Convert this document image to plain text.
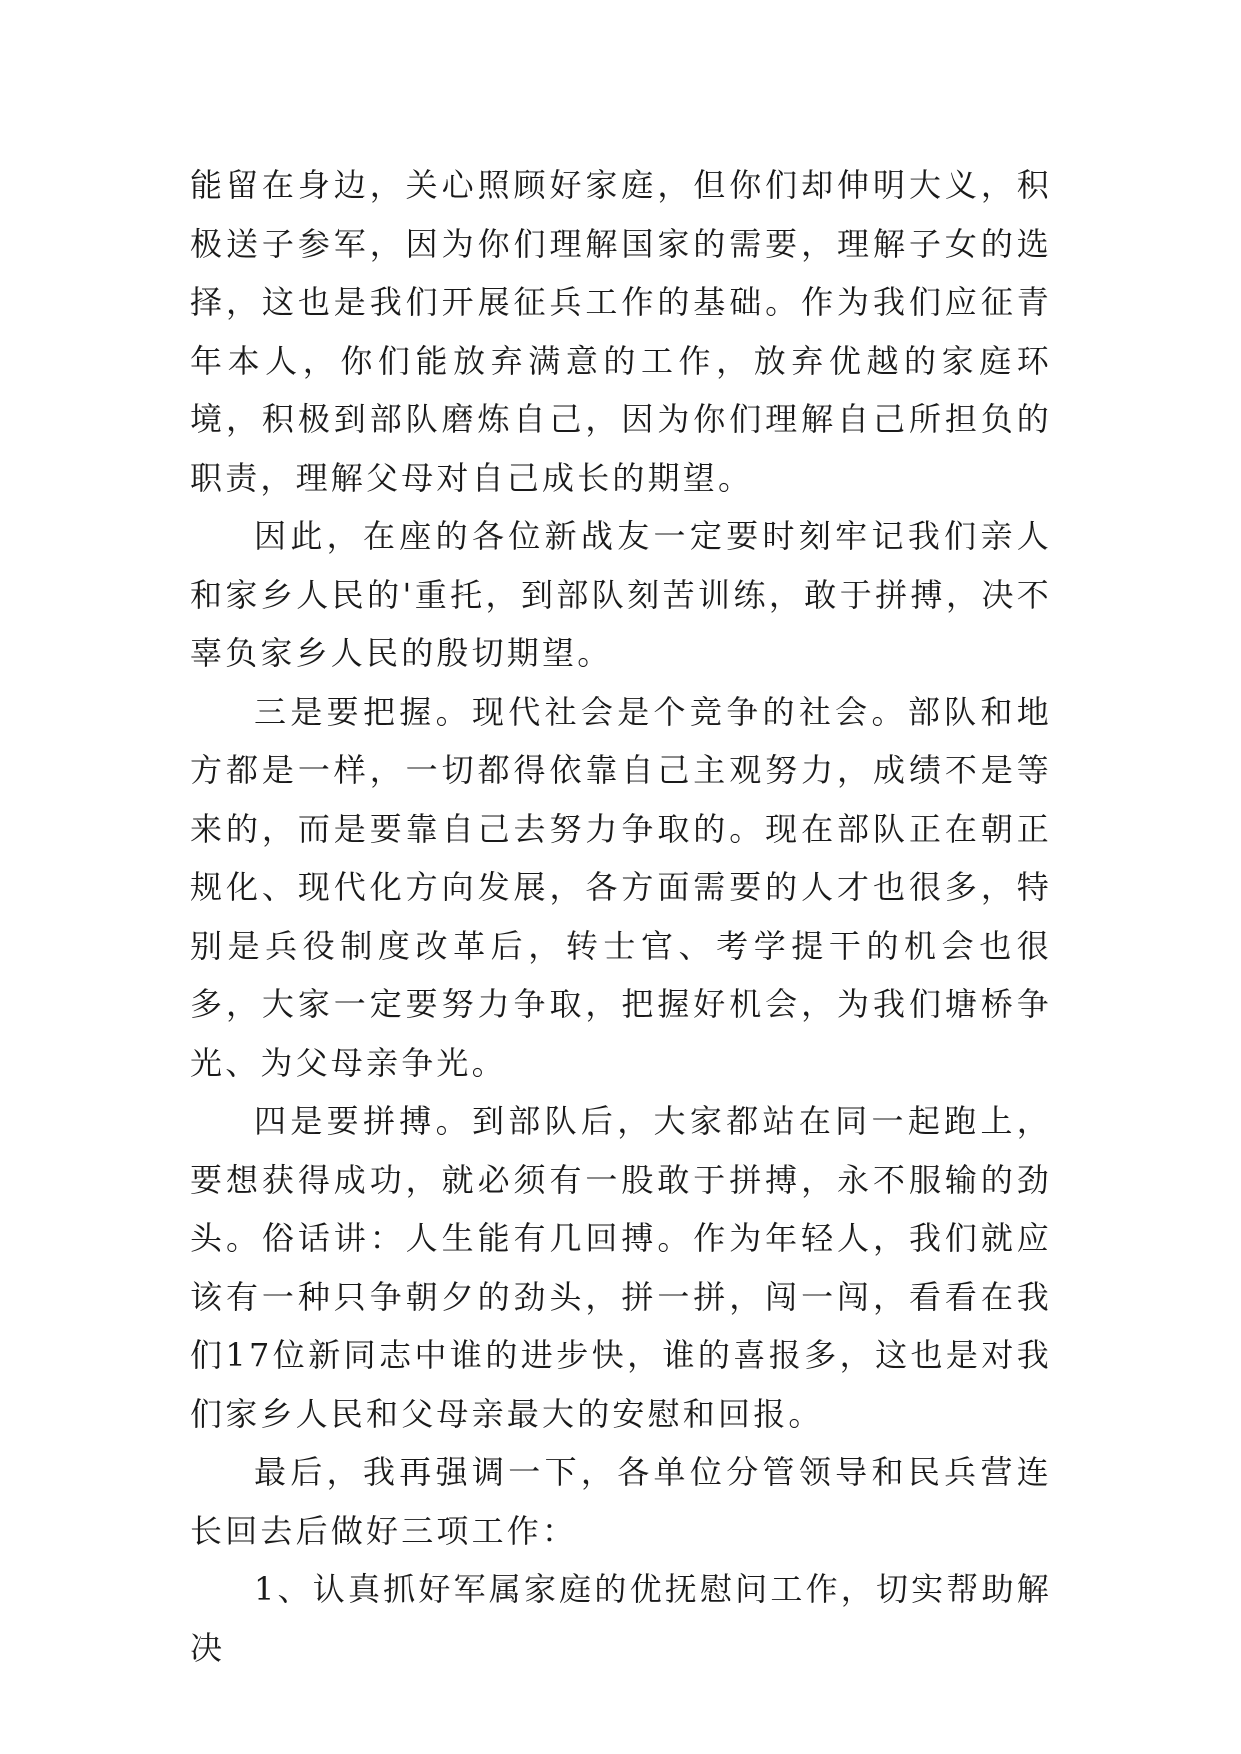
能留在身边，关心照顾好家庭，但你们却伸明大义，积极送子参军，因为你们理解国家的需要，理解子女的选择，这也是我们开展征兵工作的基础。作为我们应征青年本人，你们能放弃满意的工作，放弃优越的家庭环境，积极到部队磨炼自己，因为你们理解自己所担负的职责，理解父母对自己成长的期望。

因此，在座的各位新战友一定要时刻牢记我们亲人和家乡人民的'重托，到部队刻苦训练，敢于拼搏，决不辜负家乡人民的殷切期望。

三是要把握。现代社会是个竞争的社会。部队和地方都是一样，一切都得依靠自己主观努力，成绩不是等来的，而是要靠自己去努力争取的。现在部队正在朝正规化、现代化方向发展，各方面需要的人才也很多，特别是兵役制度改革后，转士官、考学提干的机会也很多，大家一定要努力争取，把握好机会，为我们塘桥争光、为父母亲争光。

四是要拼搏。到部队后，大家都站在同一起跑上，要想获得成功，就必须有一股敢于拼搏，永不服输的劲头。俗话讲：人生能有几回搏。作为年轻人，我们就应该有一种只争朝夕的劲头，拼一拼，闯一闯，看看在我们17位新同志中谁的进步快，谁的喜报多，这也是对我们家乡人民和父母亲最大的安慰和回报。

最后，我再强调一下，各单位分管领导和民兵营连长回去后做好三项工作：

1、认真抓好军属家庭的优抚慰问工作，切实帮助解决
